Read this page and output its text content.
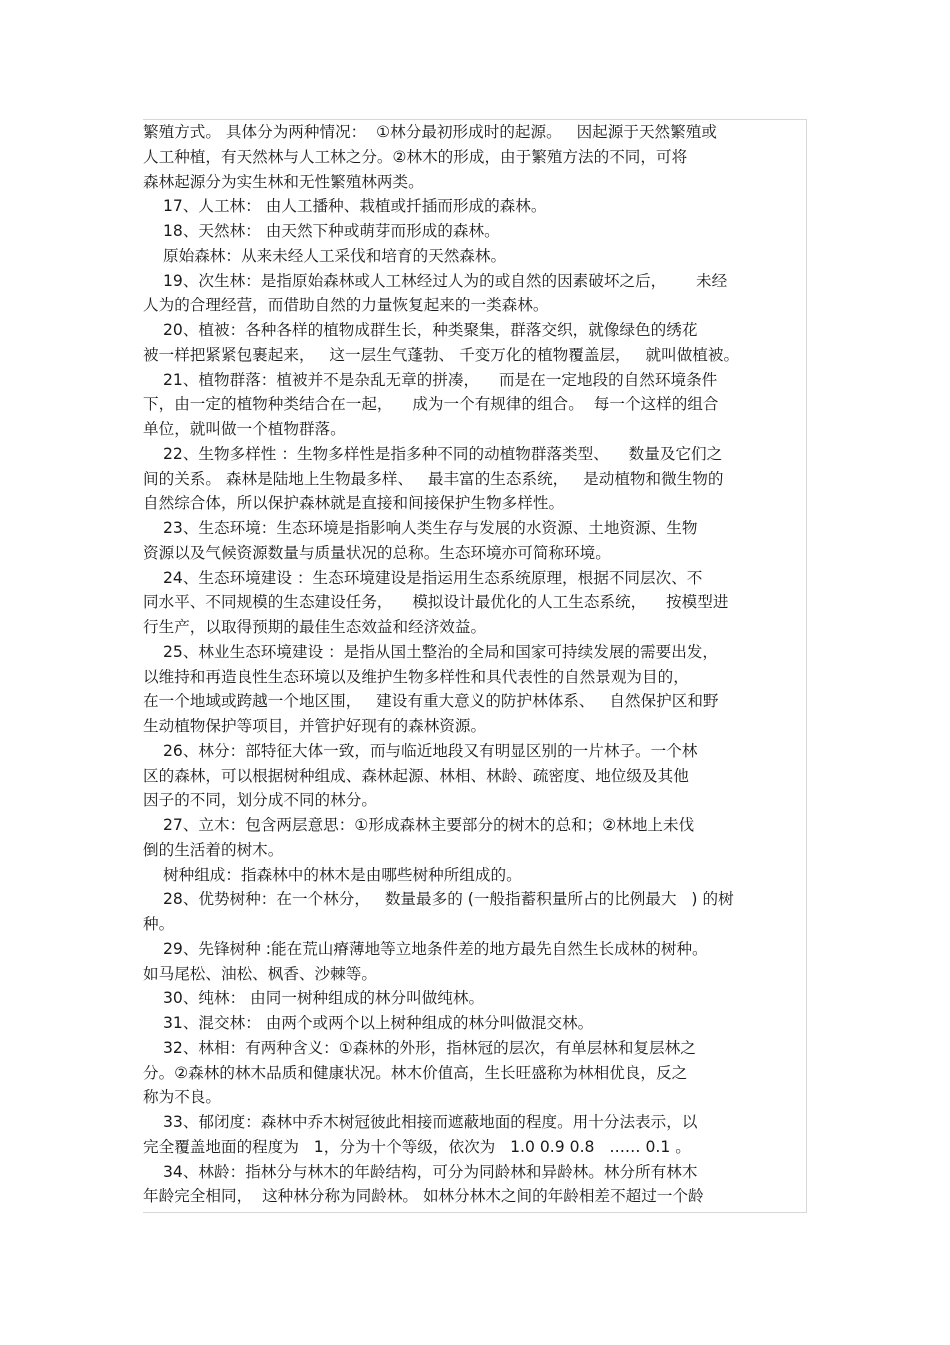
繁殖方式。 具体分为两种情况：  ①林分最初形成时的起源。   因起源于天然繁殖或
人工种植，有天然林与人工林之分。②林木的形成，由于繁殖方法的不同，可将
森林起源分为实生林和无性繁殖林两类。
17、人工林： 由人工播种、栽植或扦插而形成的森林。
18、天然林： 由天然下种或萌芽而形成的森林。
原始森林：从来未经人工采伐和培育的天然森林。
19、次生林：是指原始森林或人工林经过人为的或自然的因素破坏之后，      未经
人为的合理经营，而借助自然的力量恢复起来的一类森林。
20、植被：各种各样的植物成群生长，种类聚集，群落交织，就像绿色的绣花
被一样把紧紧包裹起来，   这一层生气蓬勃、 千变万化的植物覆盖层，   就叫做植被。
21、植物群落：植被并不是杂乱无章的拼凑，    而是在一定地段的自然环境条件
下，由一定的植物种类结合在一起，    成为一个有规律的组合。  每一个这样的组合
单位，就叫做一个植物群落。
22、生物多样性 ：生物多样性是指多种不同的动植物群落类型、    数量及它们之
间的关系。 森林是陆地上生物最多样、   最丰富的生态系统，   是动植物和微生物的
自然综合体，所以保护森林就是直接和间接保护生物多样性。
23、生态环境：生态环境是指影响人类生存与发展的水资源、土地资源、生物
资源以及气候资源数量与质量状况的总称。生态环境亦可简称环境。
24、生态环境建设 ：生态环境建设是指运用生态系统原理，根据不同层次、不
同水平、不同规模的生态建设任务，    模拟设计最优化的人工生态系统，    按模型进
行生产，以取得预期的最佳生态效益和经济效益。
25、林业生态环境建设 ：是指从国土整治的全局和国家可持续发展的需要出发，
以维持和再造良性生态环境以及维护生物多样性和具代表性的自然景观为目的，
在一个地域或跨越一个地区围，   建设有重大意义的防护林体系、   自然保护区和野
生动植物保护等项目，并管护好现有的森林资源。
26、林分：部特征大体一致，而与临近地段又有明显区别的一片林子。一个林
区的森林，可以根据树种组成、森林起源、林相、林龄、疏密度、地位级及其他
因子的不同，划分成不同的林分。
27、立木：包含两层意思：①形成森林主要部分的树木的总和；②林地上未伐
倒的生活着的树木。
树种组成：指森林中的林木是由哪些树种所组成的。
28、优势树种：在一个林分，   数量最多的 (一般指蓄积量所占的比例最大   ) 的树
种。
29、先锋树种 :能在荒山瘠薄地等立地条件差的地方最先自然生长成林的树种。
如马尾松、油松、枫香、沙棘等。
30、纯林： 由同一树种组成的林分叫做纯林。
31、混交林： 由两个或两个以上树种组成的林分叫做混交林。
32、林相：有两种含义：①森林的外形，指林冠的层次，有单层林和复层林之
分。②森林的林木品质和健康状况。林木价值高，生长旺盛称为林相优良，反之
称为不良。
33、郁闭度：森林中乔木树冠彼此相接而遮蔽地面的程度。用十分法表示，以
完全覆盖地面的程度为   1，分为十个等级，依次为   1.0 0.9 0.8   …… 0.1 。
34、林龄：指林分与林木的年龄结构，可分为同龄林和异龄林。林分所有林木
年龄完全相同，  这种林分称为同龄林。 如林分林木之间的年龄相差不超过一个龄
